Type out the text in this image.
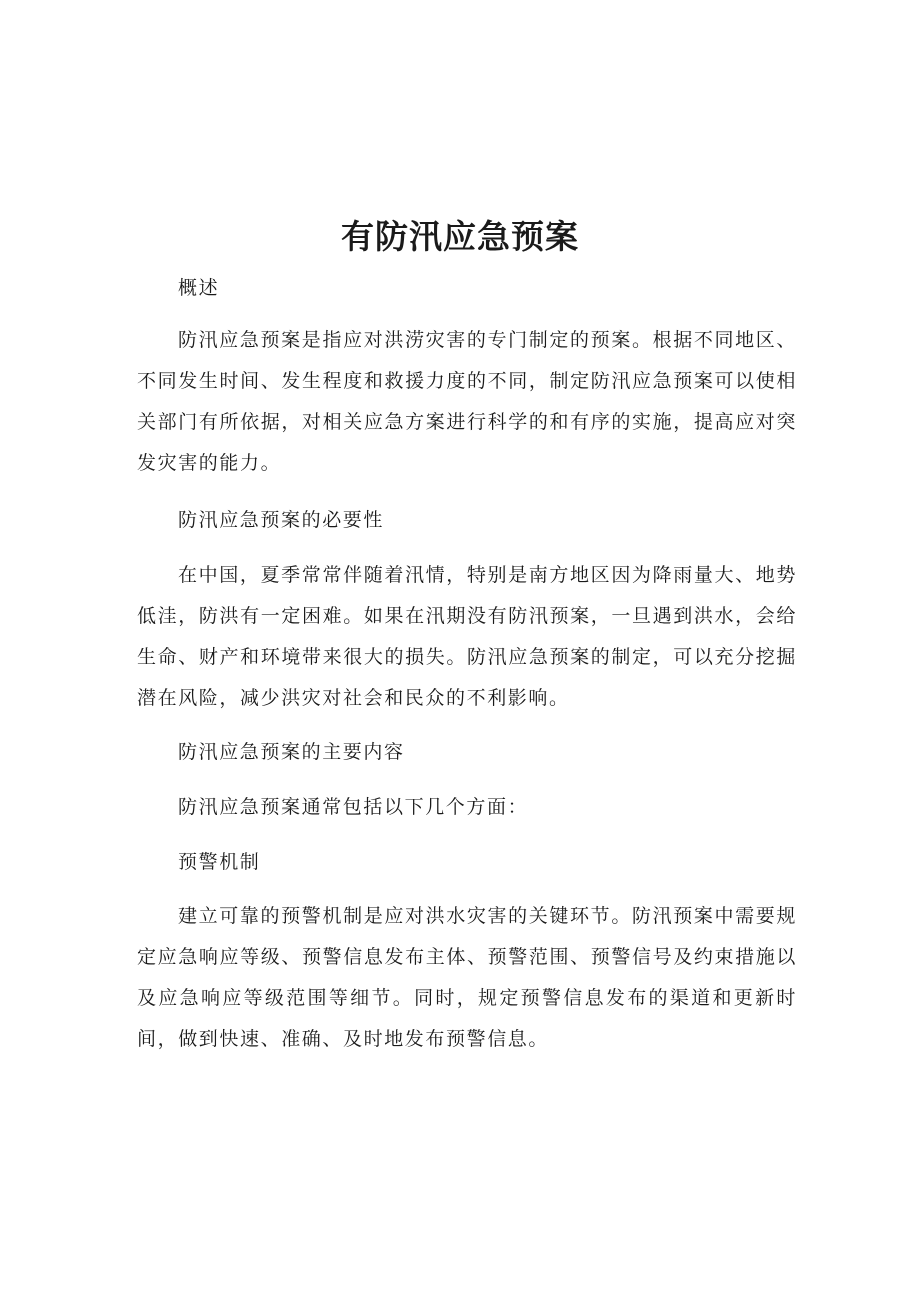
有防汛应急预案

概述

防汛应急预案是指应对洪涝灾害的专门制定的预案。根据不同地区、不同发生时间、发生程度和救援力度的不同，制定防汛应急预案可以使相关部门有所依据，对相关应急方案进行科学的和有序的实施，提高应对突发灾害的能力。

防汛应急预案的必要性

在中国，夏季常常伴随着汛情，特别是南方地区因为降雨量大、地势低洼，防洪有一定困难。如果在汛期没有防汛预案，一旦遇到洪水，会给生命、财产和环境带来很大的损失。防汛应急预案的制定，可以充分挖掘潜在风险，减少洪灾对社会和民众的不利影响。

防汛应急预案的主要内容

防汛应急预案通常包括以下几个方面：

预警机制

建立可靠的预警机制是应对洪水灾害的关键环节。防汛预案中需要规定应急响应等级、预警信息发布主体、预警范围、预警信号及约束措施以及应急响应等级范围等细节。同时，规定预警信息发布的渠道和更新时间，做到快速、准确、及时地发布预警信息。
